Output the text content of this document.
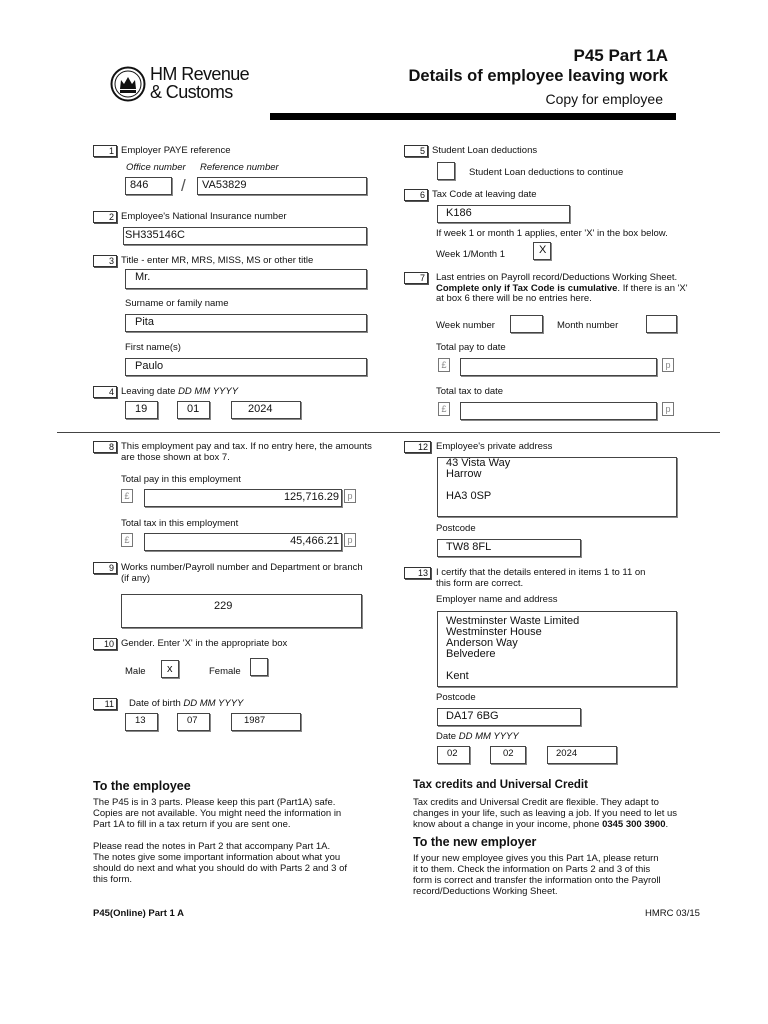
HM Revenue
& Customs
P45 Part 1A
Details of employee leaving work
Copy for employee
1 Employer PAYE reference
Office number Reference number
846	/	VA53829
2 Employee's National Insurance number
SH335146C
3 Title - enter MR, MRS, MISS, MS or other title
Mr.
Surname or family name
Pita
First name(s)
Paulo
4 Leaving date DD MM YYYY
19	01	2024
8 This employment pay and tax. If no entry here, the amounts
are those shown at box 7.
Total pay in this employment
£	125,716.29 p
Total tax in this employment
£	45,466.21 p
9 Works number/Payroll number and Department or branch
(if any)
229
10 Gender. Enter 'X' in the appropriate box
Male	x	Female
11	Date of birth DD MM YYYY
13	07	1987
5 Student Loan deductions
Student Loan deductions to continue
6 Tax Code at leaving date
K186
If week 1 or month 1 applies, enter 'X' in the box below.
Week 1/Month 1	X
7	Last entries on Payroll record/Deductions Working Sheet.
Complete only if Tax Code is cumulative. If there is an 'X'
at box 6 there will be no entries here.
Week number	Month number
Total pay to date
£	p
Total tax to date
£	p
12 Employee's private address
43 Vista Way
Harrow

HA3 0SP
Postcode
TW8 8FL
13 I certify that the details entered in items 1 to 11 on
this form are correct.
Employer name and address
Westminster Waste Limited
Westminster House
Anderson Way
Belvedere

Kent
Postcode
DA17 6BG
Date DD MM YYYY
02	02	2024
To the employee
The P45 is in 3 parts. Please keep this part (Part1A) safe.
Copies are not available. You might need the information in
Part 1A to fill in a tax return if you are sent one.
Please read the notes in Part 2 that accompany Part 1A.
The notes give some important information about what you
should do next and what you should do with Parts 2 and 3 of
this form.
Tax credits and Universal Credit
Tax credits and Universal Credit are flexible. They adapt to
changes in your life, such as leaving a job. If you need to let us
know about a change in your income, phone 0345 300 3900.
To the new employer
If your new employee gives you this Part 1A, please return
it to them. Check the information on Parts 2 and 3 of this
form is correct and transfer the information onto the Payroll
record/Deductions Working Sheet.
P45(Online) Part 1 A	HMRC 03/15
